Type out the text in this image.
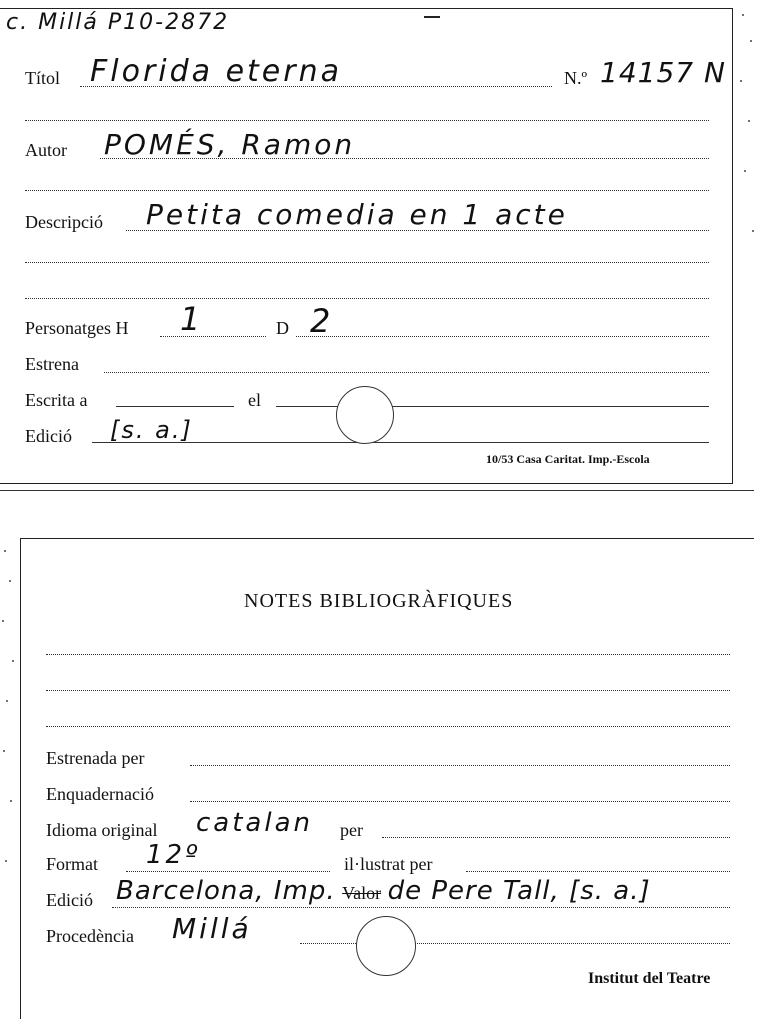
c. Millá P10-2872
Títol Florida eterna	N.º 14157 N
Autor POMÉS, Ramon
Descripció Petita comedia en 1 acte
Personatges H 1	D 2
Estrena
Escrita a	el
Edició [s. a.]
10/53 Casa Caritat. Imp.-Escola
NOTES BIBLIOGRÀFIQUES
Estrenada per
Enquadernació
Idioma original catalan per
Format 12º	il·lustrat per
Edició Barcelona, Imp. Valor de Pere Tall, [s. a.]
Procedència Millá
Institut del Teatre
